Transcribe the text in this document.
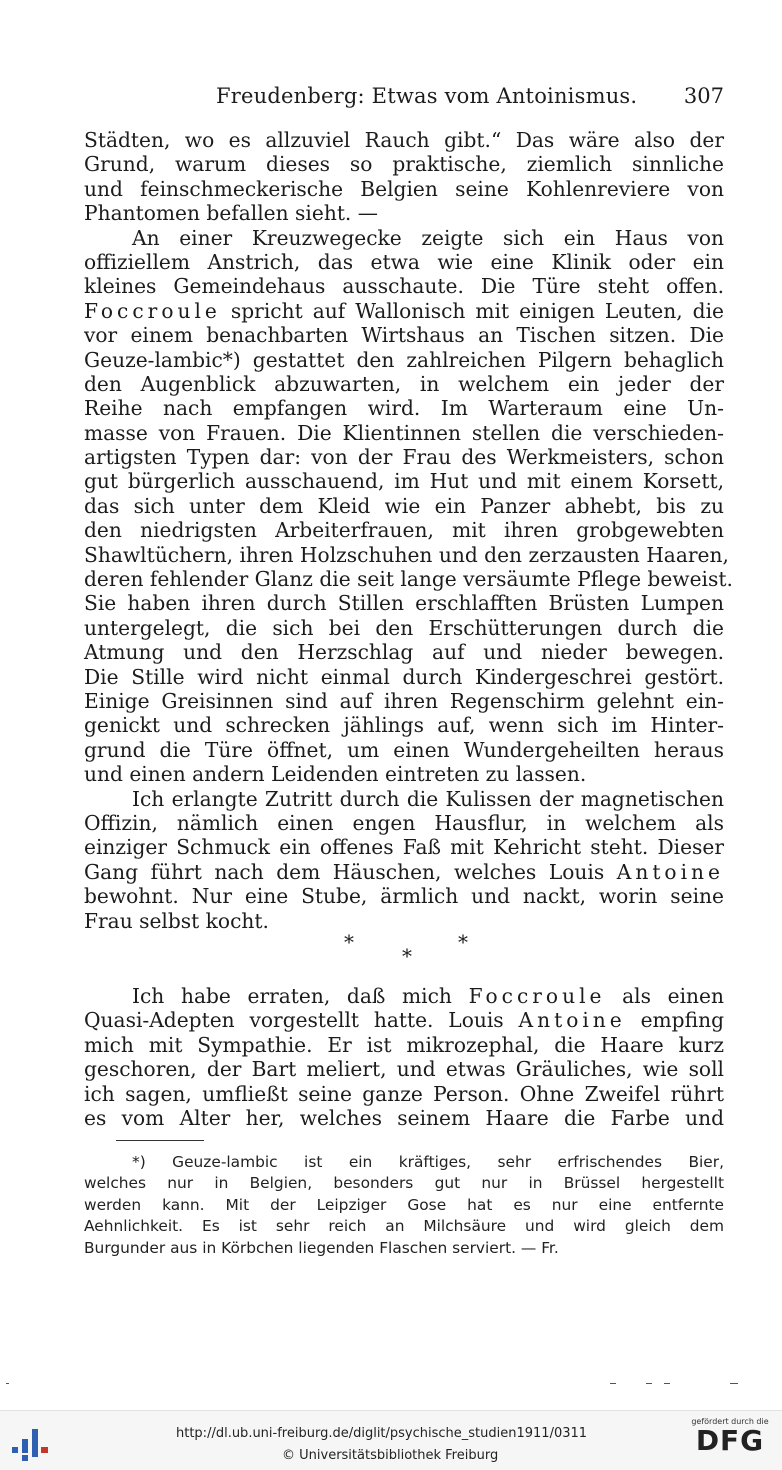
Freudenberg: Etwas vom Antoinismus. 307
Städten, wo es allzuviel Rauch gibt.“ Das wäre also der
Grund, warum dieses so praktische, ziemlich sinnliche
und feinschmeckerische Belgien seine Kohlenreviere von
Phantomen befallen sieht. —
An einer Kreuzwegecke zeigte sich ein Haus von
offiziellem Anstrich, das etwa wie eine Klinik oder ein
kleines Gemeindehaus ausschaute. Die Türe steht offen.
Foccroule spricht auf Wallonisch mit einigen Leuten, die
vor einem benachbarten Wirtshaus an Tischen sitzen. Die
Geuze-lambic*) gestattet den zahlreichen Pilgern behaglich
den Augenblick abzuwarten, in welchem ein jeder der
Reihe nach empfangen wird. Im Warteraum eine Un-
masse von Frauen. Die Klientinnen stellen die verschieden-
artigsten Typen dar: von der Frau des Werkmeisters, schon
gut bürgerlich ausschauend, im Hut und mit einem Korsett,
das sich unter dem Kleid wie ein Panzer abhebt, bis zu
den niedrigsten Arbeiterfrauen, mit ihren grobgewebten
Shawltüchern, ihren Holzschuhen und den zerzausten Haaren,
deren fehlender Glanz die seit lange versäumte Pflege beweist.
Sie haben ihren durch Stillen erschlafften Brüsten Lumpen
untergelegt, die sich bei den Erschütterungen durch die
Atmung und den Herzschlag auf und nieder bewegen.
Die Stille wird nicht einmal durch Kindergeschrei gestört.
Einige Greisinnen sind auf ihren Regenschirm gelehnt ein-
genickt und schrecken jählings auf, wenn sich im Hinter-
grund die Türe öffnet, um einen Wundergeheilten heraus
und einen andern Leidenden eintreten zu lassen.
Ich erlangte Zutritt durch die Kulissen der magnetischen
Offizin, nämlich einen engen Hausflur, in welchem als
einziger Schmuck ein offenes Faß mit Kehricht steht. Dieser
Gang führt nach dem Häuschen, welches Louis Antoine
bewohnt. Nur eine Stube, ärmlich und nackt, worin seine
Frau selbst kocht.
*	*
*
Ich habe erraten, daß mich Foccroule als einen
Quasi-Adepten vorgestellt hatte. Louis Antoine empfing
mich mit Sympathie. Er ist mikrozephal, die Haare kurz
geschoren, der Bart meliert, und etwas Gräuliches, wie soll
ich sagen, umfließt seine ganze Person. Ohne Zweifel rührt
es vom Alter her, welches seinem Haare die Farbe und
*) Geuze-lambic ist ein kräftiges, sehr erfrischendes Bier,
welches nur in Belgien, besonders gut nur in Brüssel hergestellt
werden kann. Mit der Leipziger Gose hat es nur eine entfernte
Aehnlichkeit. Es ist sehr reich an Milchsäure und wird gleich dem
Burgunder aus in Körbchen liegenden Flaschen serviert. — Fr.
http://dl.ub.uni-freiburg.de/diglit/psychische_studien1911/0311
© Universitätsbibliothek Freiburg
gefördert durch die
DFG
